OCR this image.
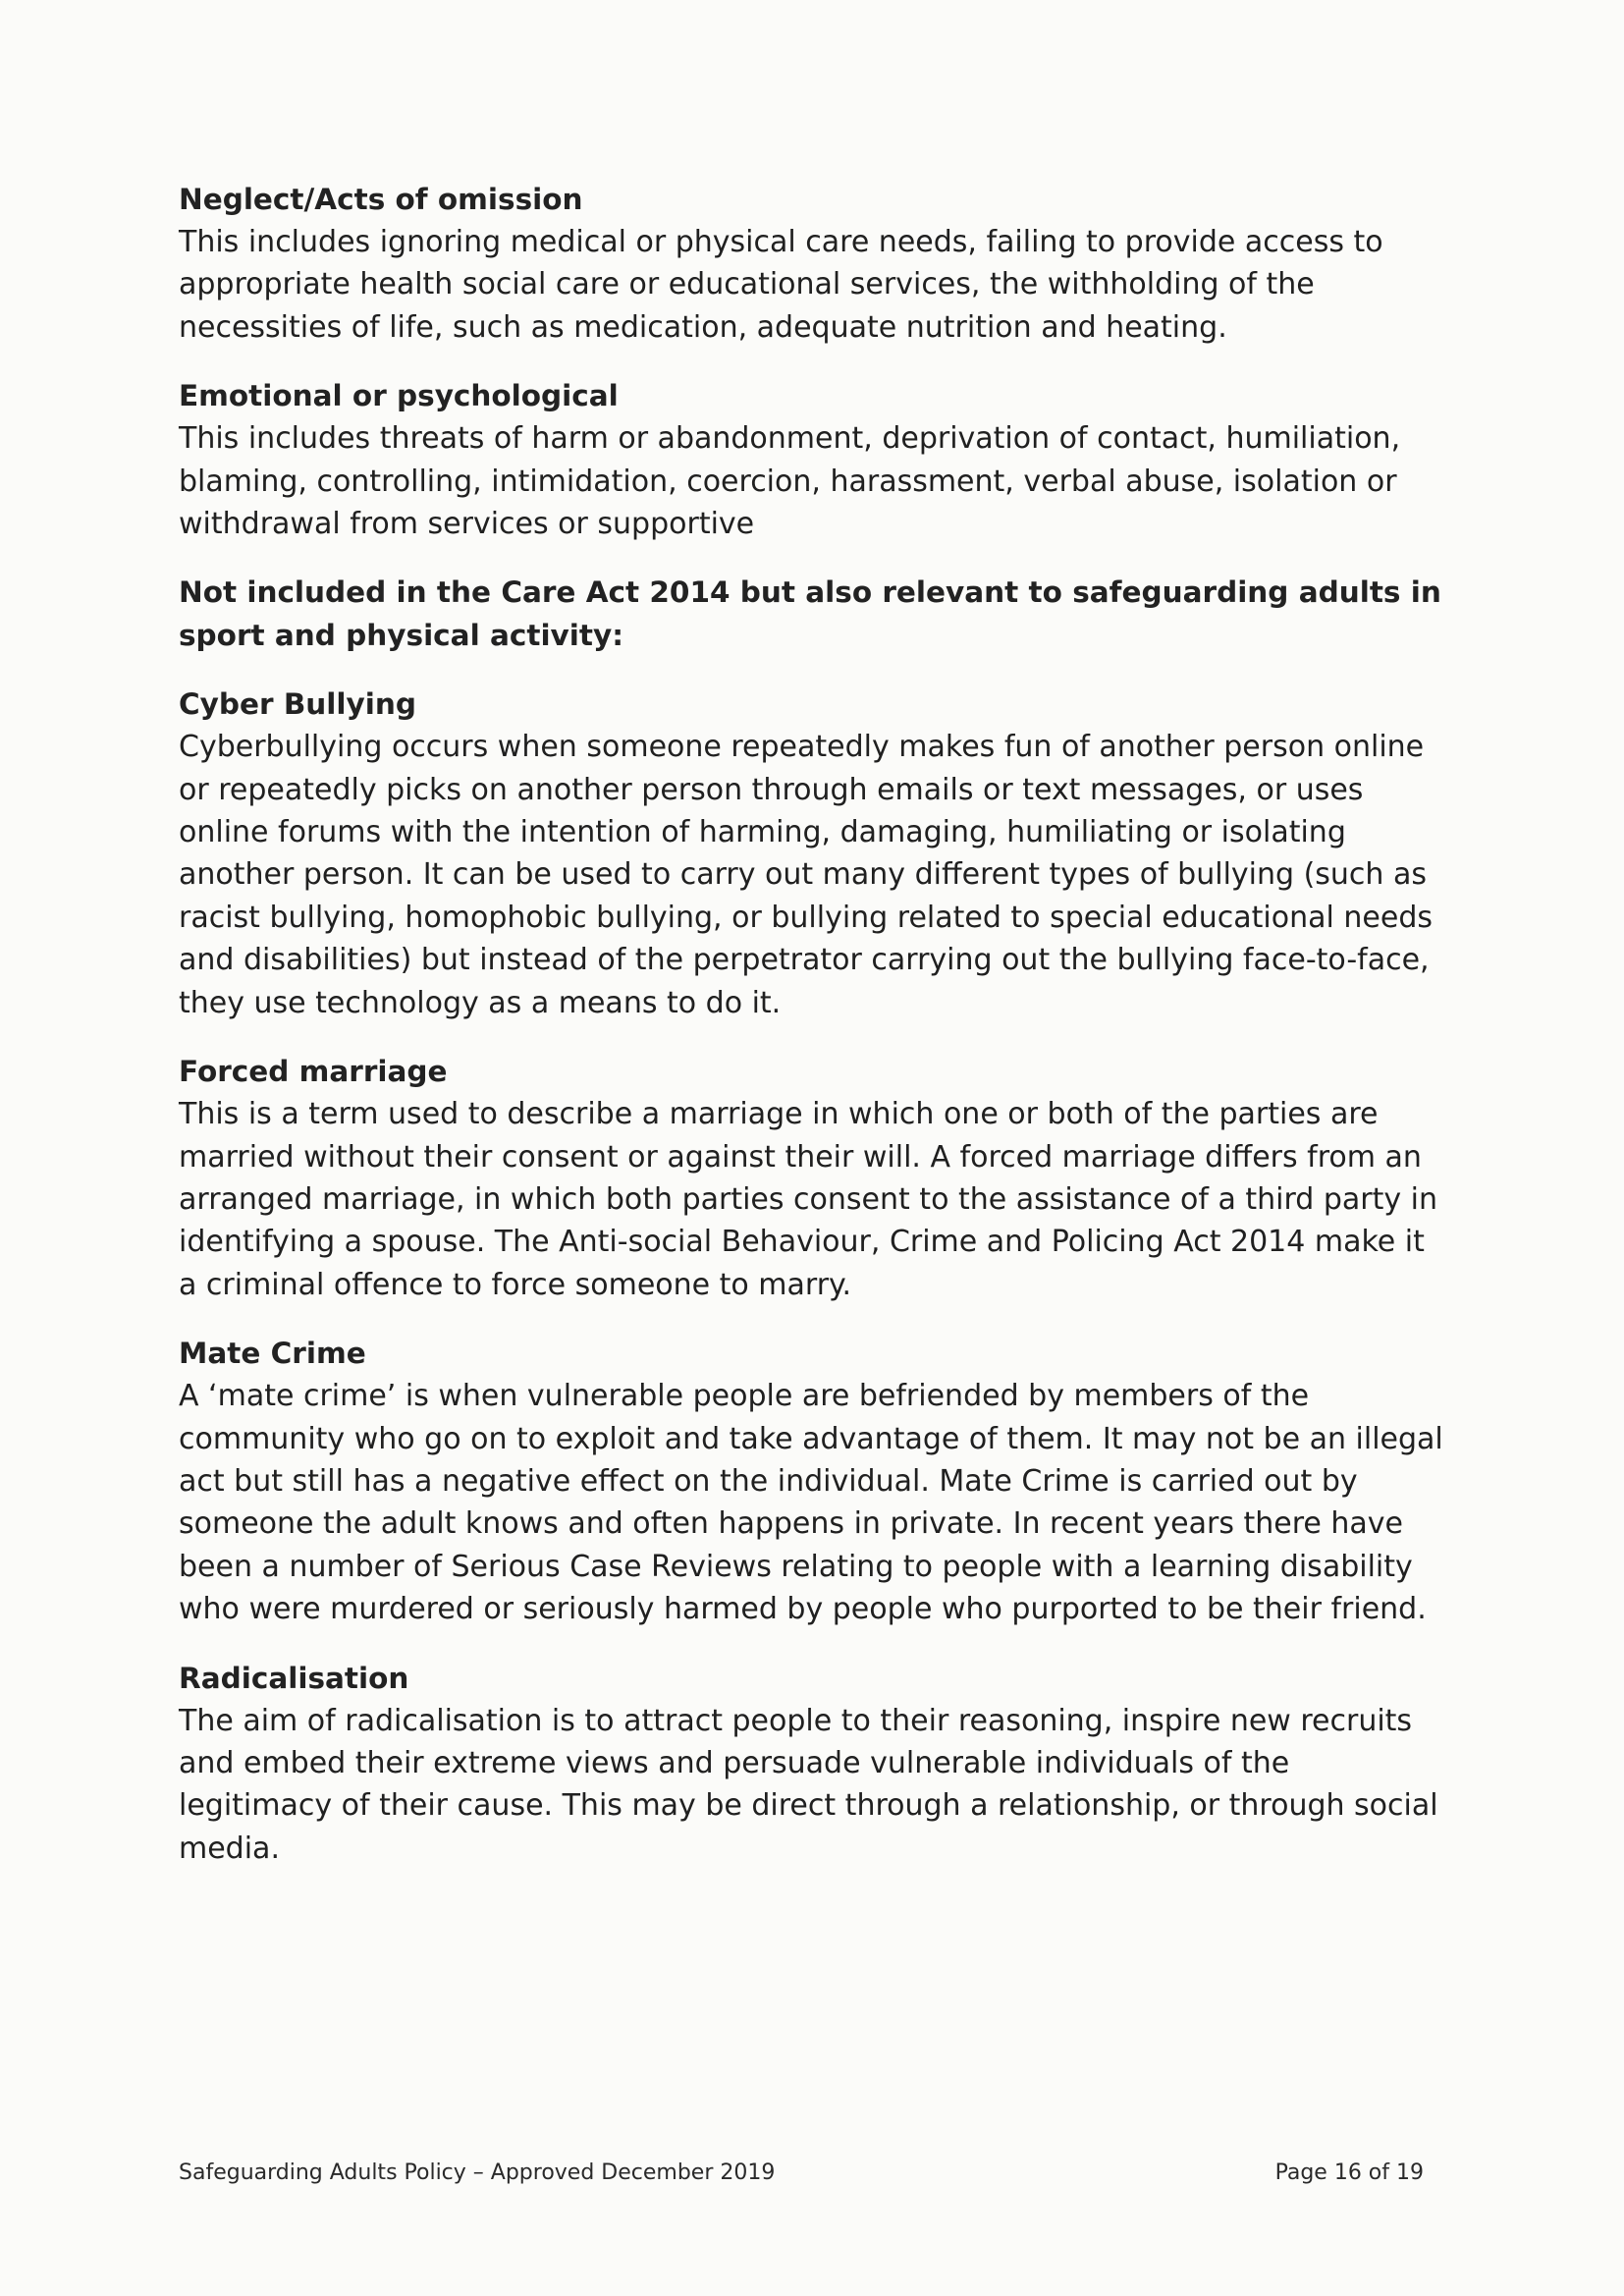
Neglect/Acts of omission

This includes ignoring medical or physical care needs, failing to provide access to appropriate health social care or educational services, the withholding of the necessities of life, such as medication, adequate nutrition and heating.

Emotional or psychological

This includes threats of harm or abandonment, deprivation of contact, humiliation, blaming, controlling, intimidation, coercion, harassment, verbal abuse, isolation or withdrawal from services or supportive

Not included in the Care Act 2014 but also relevant to safeguarding adults in sport and physical activity:

Cyber Bullying

Cyberbullying occurs when someone repeatedly makes fun of another person online or repeatedly picks on another person through emails or text messages, or uses online forums with the intention of harming, damaging, humiliating or isolating another person. It can be used to carry out many different types of bullying (such as racist bullying, homophobic bullying, or bullying related to special educational needs and disabilities) but instead of the perpetrator carrying out the bullying face-to-face, they use technology as a means to do it.

Forced marriage

This is a term used to describe a marriage in which one or both of the parties are married without their consent or against their will. A forced marriage differs from an arranged marriage, in which both parties consent to the assistance of a third party in identifying a spouse. The Anti-social Behaviour, Crime and Policing Act 2014 make it a criminal offence to force someone to marry.

Mate Crime

A ‘mate crime’ is when vulnerable people are befriended by members of the community who go on to exploit and take advantage of them. It may not be an illegal act but still has a negative effect on the individual. Mate Crime is carried out by someone the adult knows and often happens in private. In recent years there have been a number of Serious Case Reviews relating to people with a learning disability who were murdered or seriously harmed by people who purported to be their friend.

Radicalisation

The aim of radicalisation is to attract people to their reasoning, inspire new recruits and embed their extreme views and persuade vulnerable individuals of the legitimacy of their cause. This may be direct through a relationship, or through social media.

Safeguarding Adults Policy – Approved December 2019	Page 16 of 19
